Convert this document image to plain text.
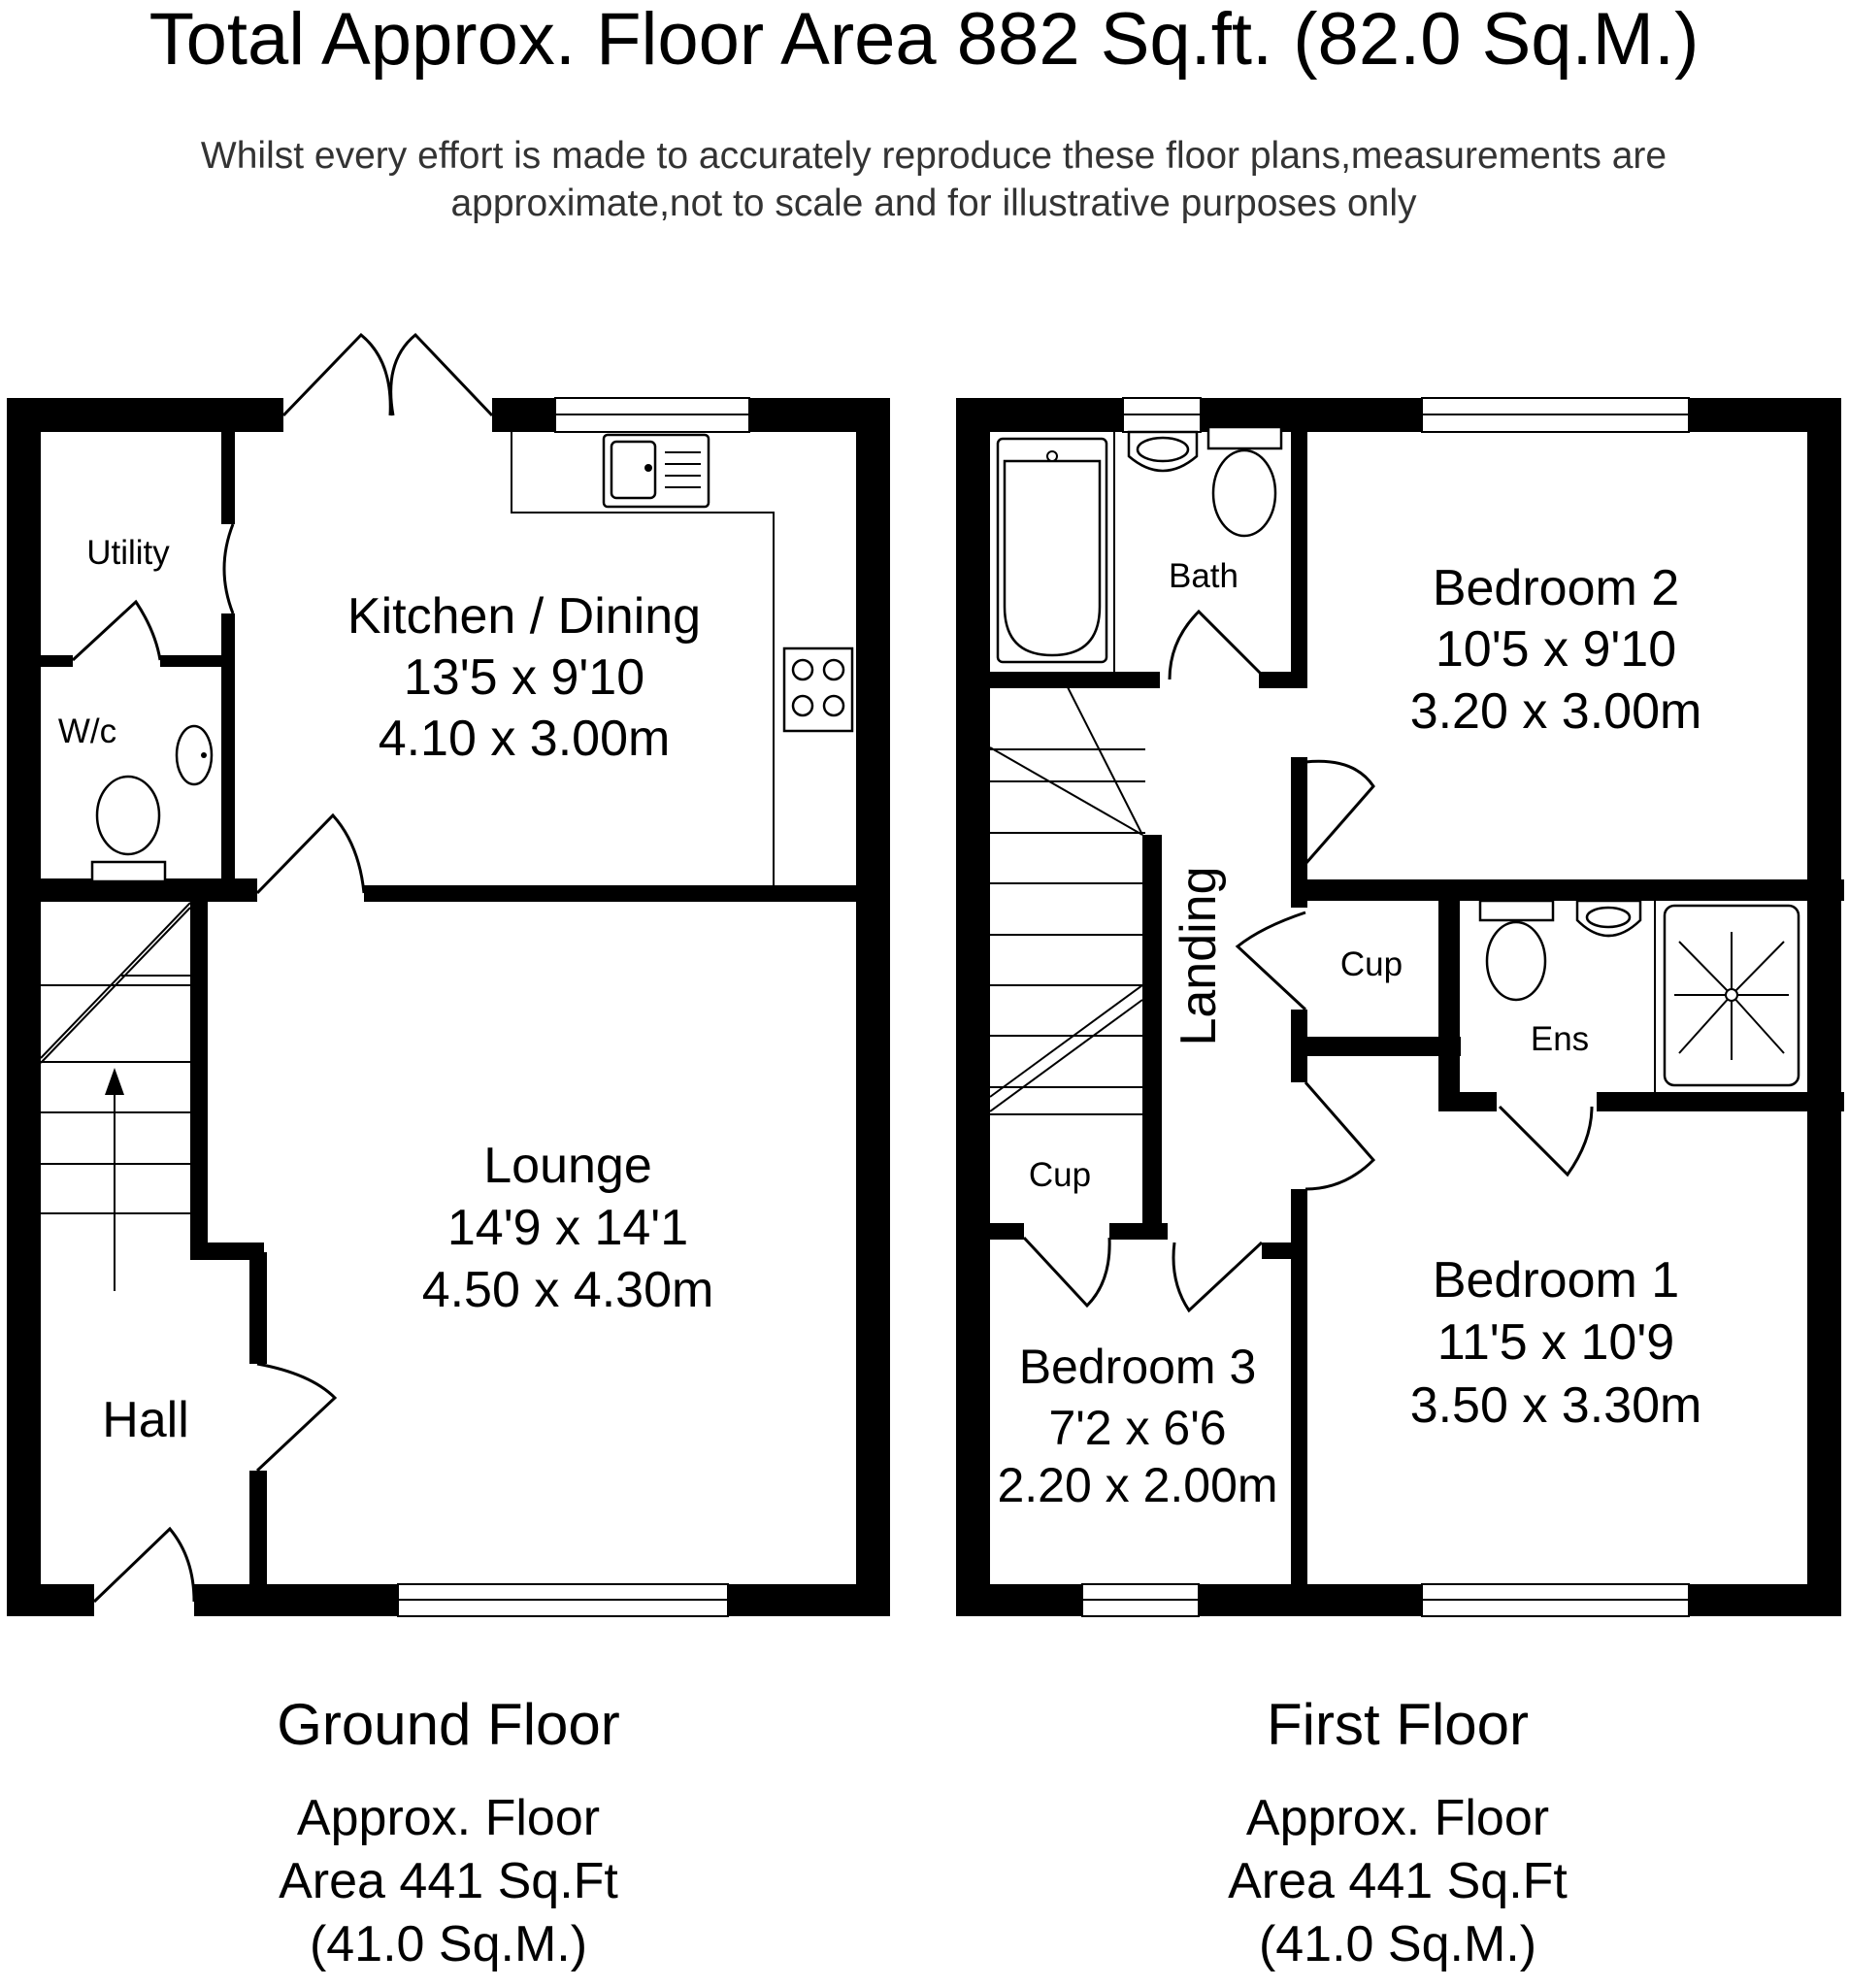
Total Approx. Floor Area 882 Sq.ft. (82.0 Sq.M.)
Whilst every effort is made to accurately reproduce these floor plans,measurements are
approximate,not to scale and for illustrative purposes only
Utility
W/c
Kitchen / Dining
13'5 x 9'10
4.10 x 3.00m
Lounge
14'9 x 14'1
4.50 x 4.30m
Hall
Ground Floor
Approx. Floor
Area 441 Sq.Ft
(41.0 Sq.M.)
Bath	Bedroom 2
10'5 x 9'10
3.20 x 3.00m
Landing	Cup
Ens
Cup
Bedroom 3
7'2 x 6'6
2.20 x 2.00m
Bedroom 1
11'5 x 10'9
3.50 x 3.30m
First Floor
Approx. Floor
Area 441 Sq.Ft
(41.0 Sq.M.)
